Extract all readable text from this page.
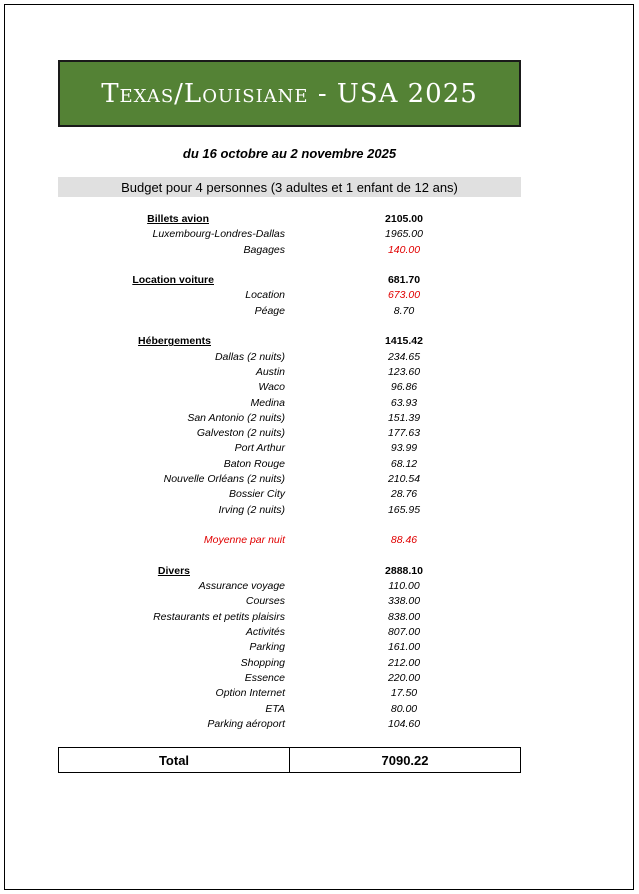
Texas/Louisiane - USA 2025
du 16 octobre au 2 novembre 2025
Budget pour 4 personnes (3 adultes et 1 enfant de 12 ans)
Billets avion	2105.00
Luxembourg-Londres-Dallas	1965.00
Bagages	140.00
Location voiture	681.70
Location	673.00
Péage	8.70
Hébergements	1415.42
Dallas (2 nuits)	234.65
Austin	123.60
Waco	96.86
Medina	63.93
San Antonio (2 nuits)	151.39
Galveston (2 nuits)	177.63
Port Arthur	93.99
Baton Rouge	68.12
Nouvelle Orléans (2 nuits)	210.54
Bossier City	28.76
Irving (2 nuits)	165.95
Moyenne par nuit	88.46
Divers	2888.10
Assurance voyage	110.00
Courses	338.00
Restaurants et petits plaisirs	838.00
Activités	807.00
Parking	161.00
Shopping	212.00
Essence	220.00
Option Internet	17.50
ETA	80.00
Parking aéroport	104.60
Total	7090.22
